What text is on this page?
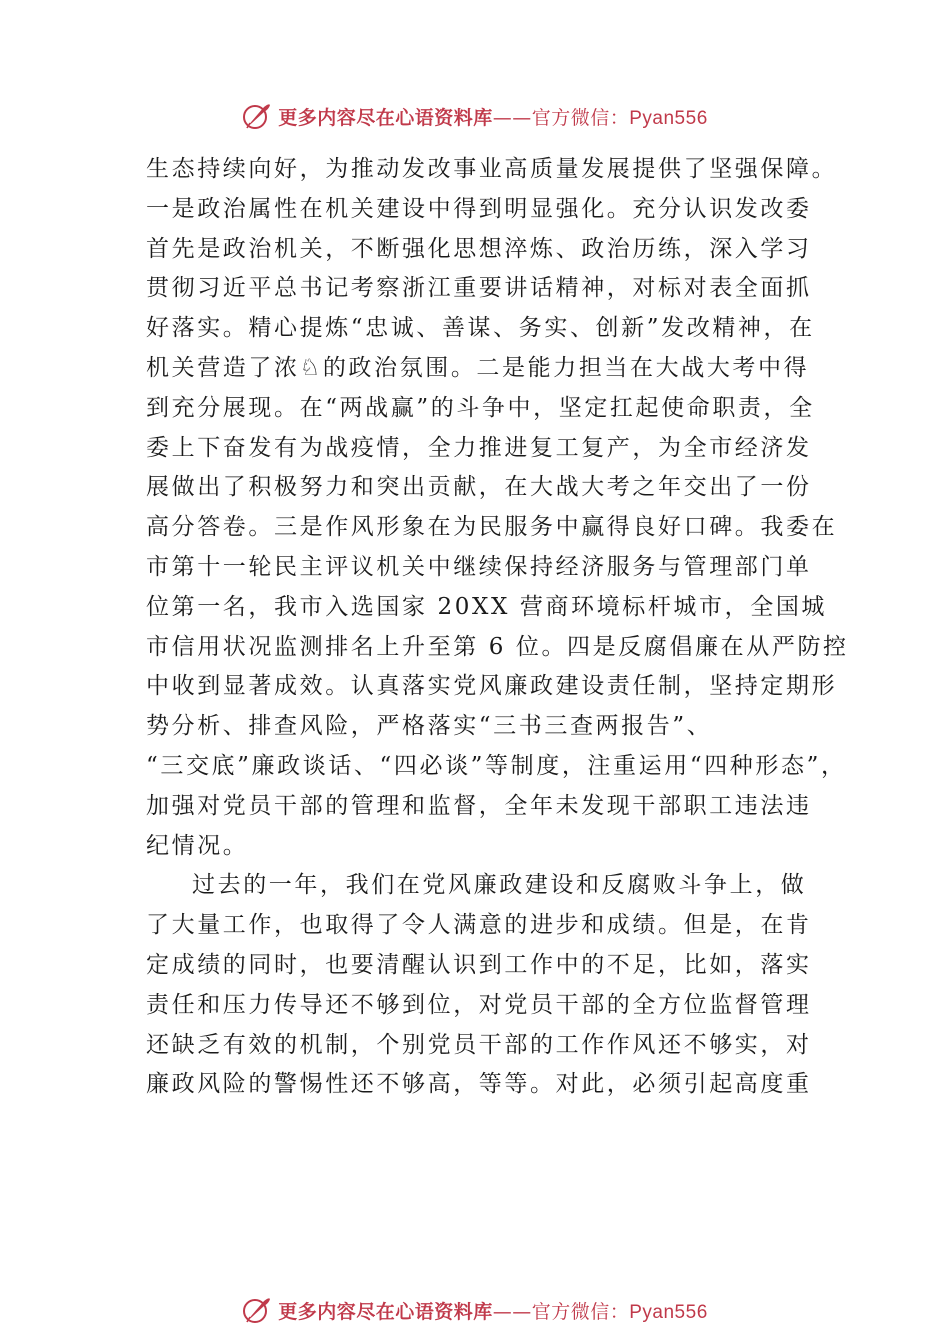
更多内容尽在心语资料库——官方微信：Pyan556
生态持续向好，为推动发改事业高质量发展提供了坚强保障。
一是政治属性在机关建设中得到明显强化。充分认识发改委
首先是政治机关，不断强化思想淬炼、政治历练，深入学习
贯彻习近平总书记考察浙江重要讲话精神，对标对表全面抓
好落实。精心提炼“忠诚、善谋、务实、创新”发改精神，在
机关营造了浓♘的政治氛围。二是能力担当在大战大考中得
到充分展现。在“两战赢”的斗争中，坚定扛起使命职责，全
委上下奋发有为战疫情，全力推进复工复产，为全市经济发
展做出了积极努力和突出贡献，在大战大考之年交出了一份
高分答卷。三是作风形象在为民服务中赢得良好口碑。我委在
市第十一轮民主评议机关中继续保持经济服务与管理部门单
位第一名，我市入选国家 20XX 营商环境标杆城市，全国城
市信用状况监测排名上升至第 6 位。四是反腐倡廉在从严防控
中收到显著成效。认真落实党风廉政建设责任制，坚持定期形
势分析、排查风险，严格落实“三书三查两报告”、
“三交底”廉政谈话、“四必谈”等制度，注重运用“四种形态”，
加强对党员干部的管理和监督，全年未发现干部职工违法违
纪情况。
过去的一年，我们在党风廉政建设和反腐败斗争上，做
了大量工作，也取得了令人满意的进步和成绩。但是，在肯
定成绩的同时，也要清醒认识到工作中的不足，比如，落实
责任和压力传导还不够到位，对党员干部的全方位监督管理
还缺乏有效的机制，个别党员干部的工作作风还不够实，对
廉政风险的警惕性还不够高，等等。对此，必须引起高度重
更多内容尽在心语资料库——官方微信：Pyan556
